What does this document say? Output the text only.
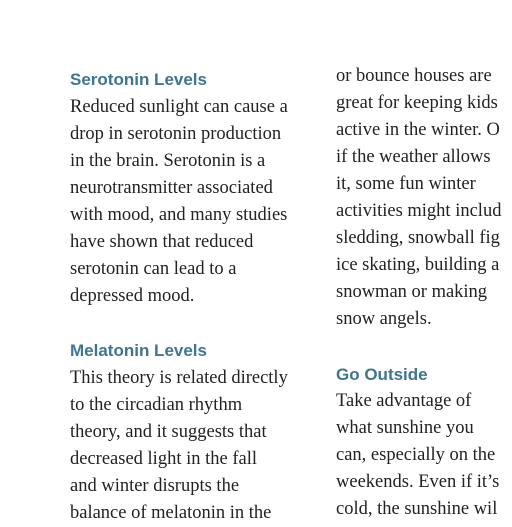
Serotonin Levels

Reduced sunlight can cause a

drop in serotonin production

in the brain. Serotonin is a

neurotransmitter associated

with mood, and many studies

have shown that reduced

serotonin can lead to a

depressed mood.

Melatonin Levels

This theory is related directly

to the circadian rhythm

theory, and it suggests that

decreased light in the fall

and winter disrupts the

balance of melatonin in the

or bounce houses are

great for keeping kids

active in the winter. O

if the weather allows

it, some fun winter

activities might includ

sledding, snowball fig

ice skating, building a

snowman or making

snow angels.

Go Outside

Take advantage of

what sunshine you

can, especially on the

weekends. Even if it’s

cold, the sunshine wil
